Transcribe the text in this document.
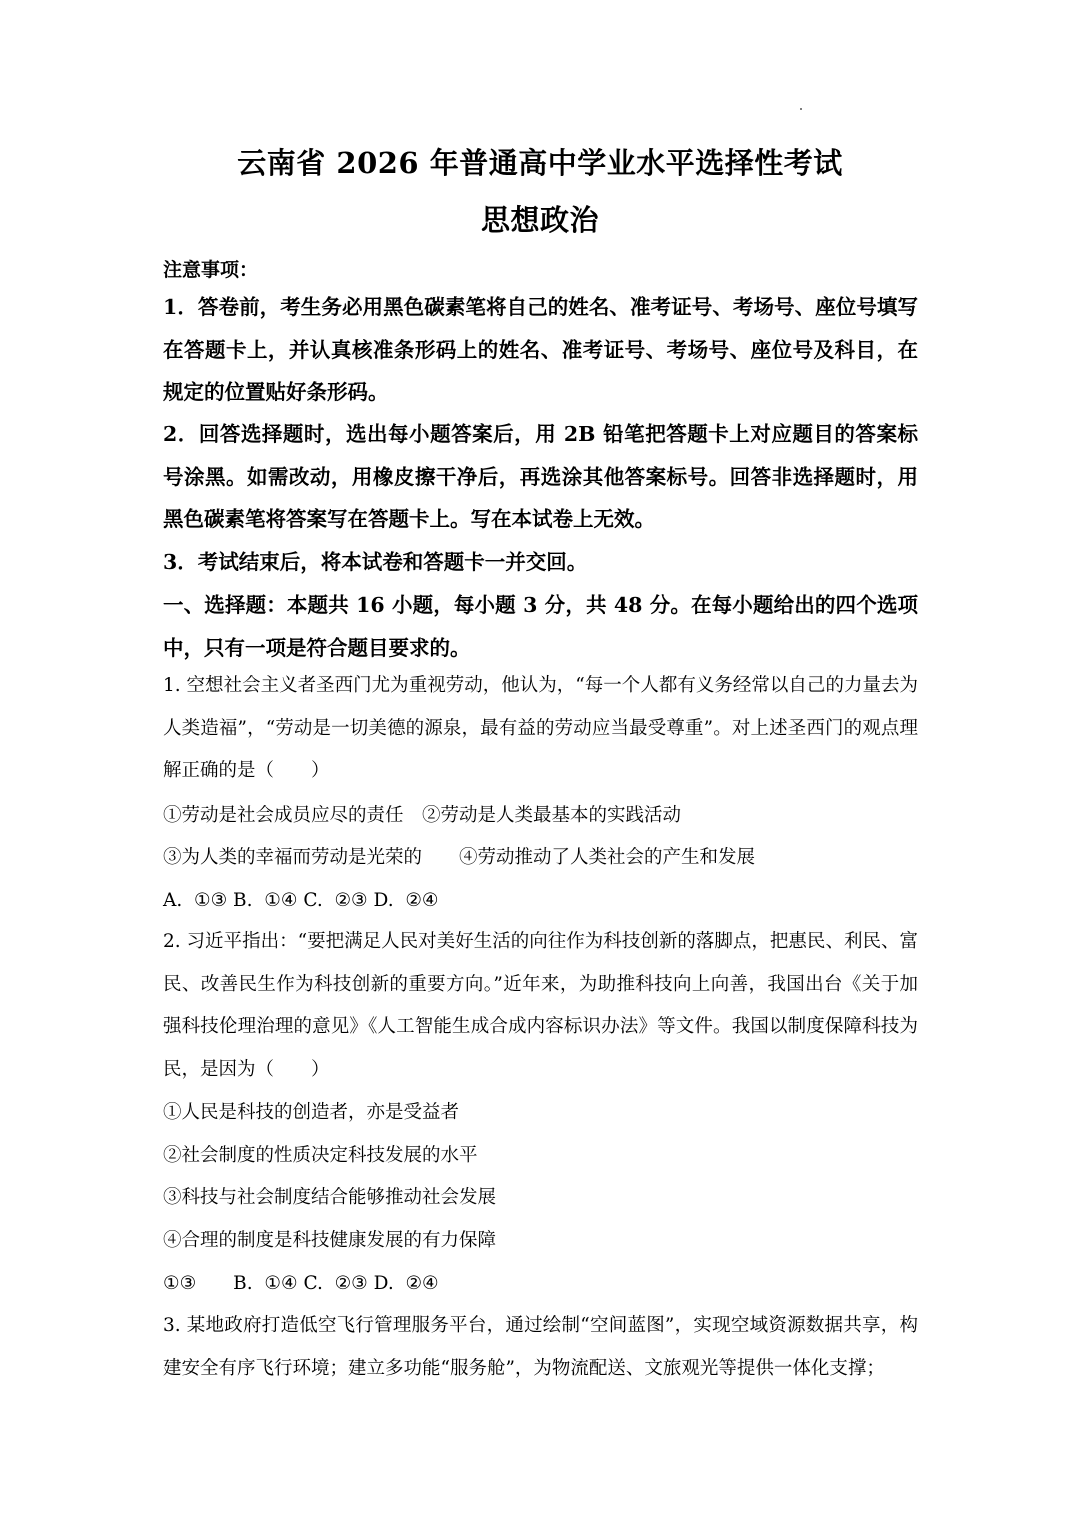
云南省 2026 年普通高中学业水平选择性考试
思想政治
注意事项：
1．答卷前，考生务必用黑色碳素笔将自己的姓名、准考证号、考场号、座位号填写在答题卡上，并认真核准条形码上的姓名、准考证号、考场号、座位号及科目，在规定的位置贴好条形码。
2．回答选择题时，选出每小题答案后，用 2B 铅笔把答题卡上对应题目的答案标号涂黑。如需改动，用橡皮擦干净后，再选涂其他答案标号。回答非选择题时，用黑色碳素笔将答案写在答题卡上。写在本试卷上无效。
3．考试结束后，将本试卷和答题卡一并交回。
一、选择题：本题共 16 小题，每小题 3 分，共 48 分。在每小题给出的四个选项中，只有一项是符合题目要求的。
1. 空想社会主义者圣西门尤为重视劳动，他认为，“每一个人都有义务经常以自己的力量去为人类造福”，“劳动是一切美德的源泉，最有益的劳动应当最受尊重”。对上述圣西门的观点理解正确的是（　　）
①劳动是社会成员应尽的责任　②劳动是人类最基本的实践活动
③为人类的幸福而劳动是光荣的　　④劳动推动了人类社会的产生和发展
A.  ①③ B.  ①④ C.  ②③ D.  ②④
2. 习近平指出：“要把满足人民对美好生活的向往作为科技创新的落脚点，把惠民、利民、富民、改善民生作为科技创新的重要方向。”近年来，为助推科技向上向善，我国出台《关于加强科技伦理治理的意见》《人工智能生成合成内容标识办法》等文件。我国以制度保障科技为民，是因为（　　）
①人民是科技的创造者，亦是受益者
②社会制度的性质决定科技发展的水平
③科技与社会制度结合能够推动社会发展
④合理的制度是科技健康发展的有力保障
①③　　B.  ①④ C.  ②③ D.  ②④
3. 某地政府打造低空飞行管理服务平台，通过绘制“空间蓝图”，实现空域资源数据共享，构建安全有序飞行环境；建立多功能“服务舱”，为物流配送、文旅观光等提供一体化支撑；
